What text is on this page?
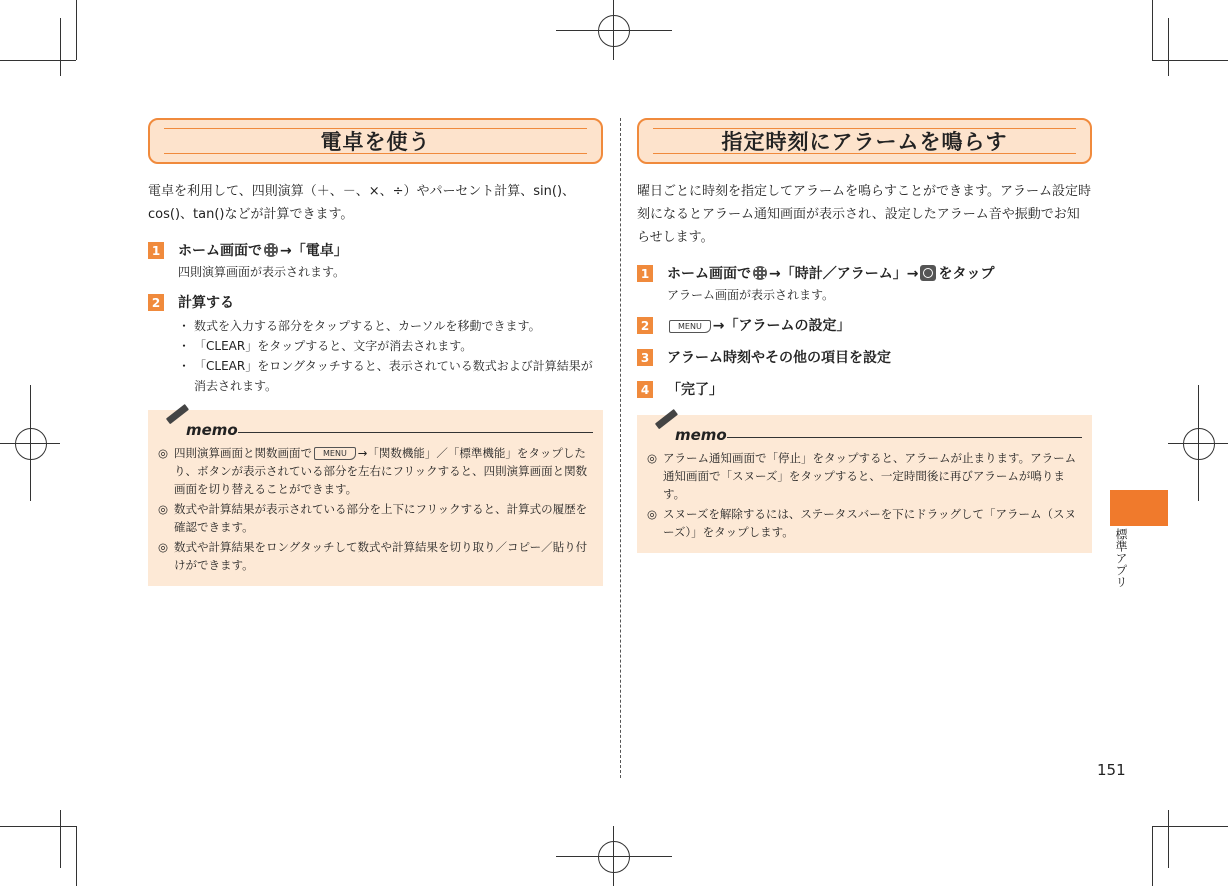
電卓を使う
電卓を利用して、四則演算（＋、－、×、÷）やパーセント計算、sin()、cos()、tan()などが計算できます。
1 ホーム画面で →「電卓」
四則演算画面が表示されます。
2 計算する
・ 数式を入力する部分をタップすると、カーソルを移動できます。
・ 「CLEAR」をタップすると、文字が消去されます。
・ 「CLEAR」をロングタッチすると、表示されている数式および計算結果が消去されます。
memo
◎ 四則演算画面と関数画面で MENU →「関数機能」／「標準機能」をタップしたり、ボタンが表示されている部分を左右にフリックすると、四則演算画面と関数画面を切り替えることができます。
◎ 数式や計算結果が表示されている部分を上下にフリックすると、計算式の履歴を確認できます。
◎ 数式や計算結果をロングタッチして数式や計算結果を切り取り／コピー／貼り付けができます。
指定時刻にアラームを鳴らす
曜日ごとに時刻を指定してアラームを鳴らすことができます。アラーム設定時刻になるとアラーム通知画面が表示され、設定したアラーム音や振動でお知らせします。
1 ホーム画面で →「時計／アラーム」→ をタップ
アラーム画面が表示されます。
2	MENU →「アラームの設定」
3 アラーム時刻やその他の項目を設定
4 「完了」
memo
◎ アラーム通知画面で「停止」をタップすると、アラームが止まります。アラーム通知画面で「スヌーズ」をタップすると、一定時間後に再びアラームが鳴ります。
◎ スヌーズを解除するには、ステータスバーを下にドラッグして「アラーム（スヌーズ）」をタップします。	標準アプリ
151
